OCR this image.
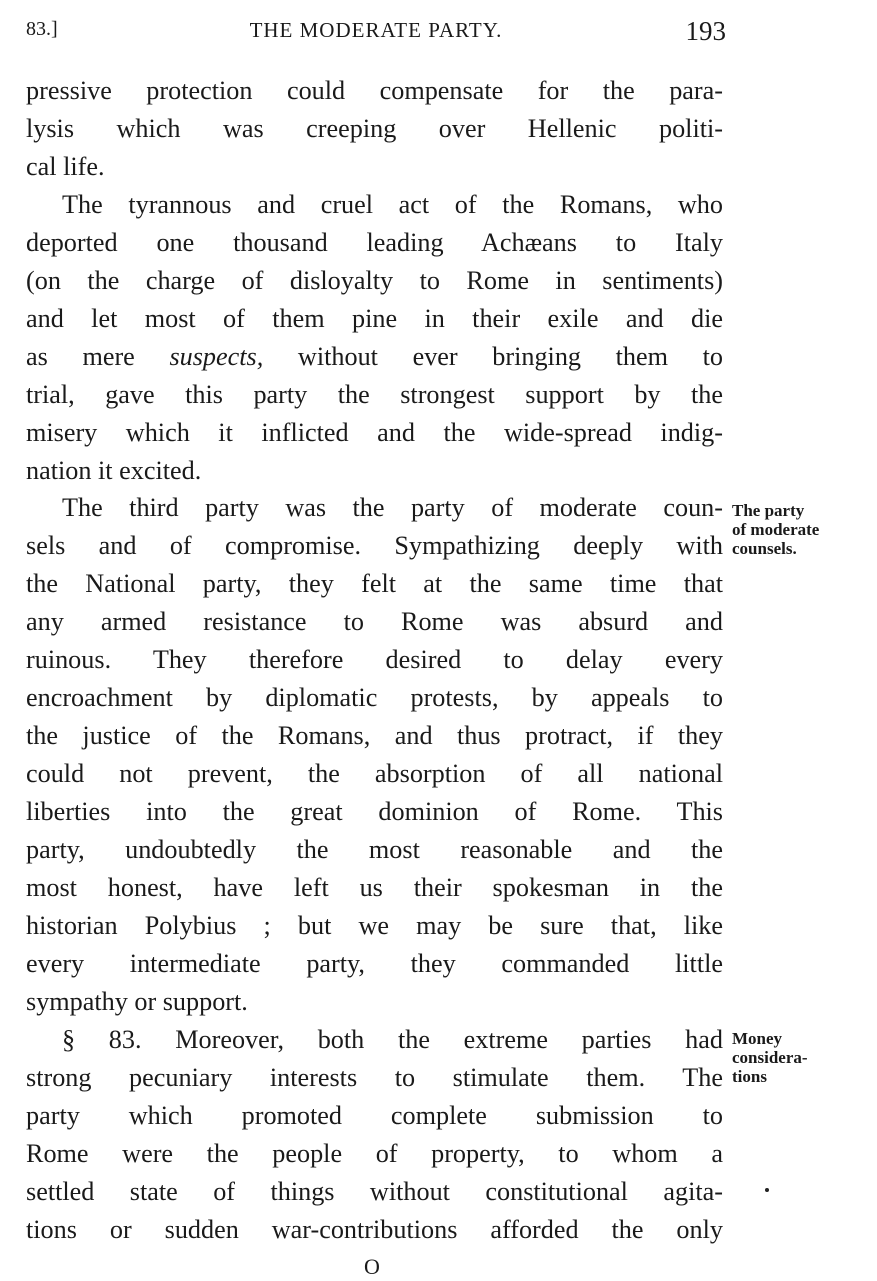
83.]	THE MODERATE PARTY.	193

pressive protection could compensate for the para-
lysis which was creeping over Hellenic politi-
cal life.

The tyrannous and cruel act of the Romans, who
deported one thousand leading Achæans to Italy
(on the charge of disloyalty to Rome in sentiments)
and let most of them pine in their exile and die
as mere suspects, without ever bringing them to
trial, gave this party the strongest support by the
misery which it inflicted and the wide-spread indig-
nation it excited.

The third party was the party of moderate coun-
sels and of compromise. Sympathizing deeply with
the National party, they felt at the same time that
any armed resistance to Rome was absurd and
ruinous. They therefore desired to delay every
encroachment by diplomatic protests, by appeals to
the justice of the Romans, and thus protract, if they
could not prevent, the absorption of all national
liberties into the great dominion of Rome. This
party, undoubtedly the most reasonable and the
most honest, have left us their spokesman in the
historian Polybius ; but we may be sure that, like
every intermediate party, they commanded little
sympathy or support.

§ 83. Moreover, both the extreme parties had
strong pecuniary interests to stimulate them. The
party which promoted complete submission to
Rome were the people of property, to whom a
settled state of things without constitutional agita-
tions or sudden war-contributions afforded the only

The party
of moderate
counsels.
Money
considera-
tions
O
